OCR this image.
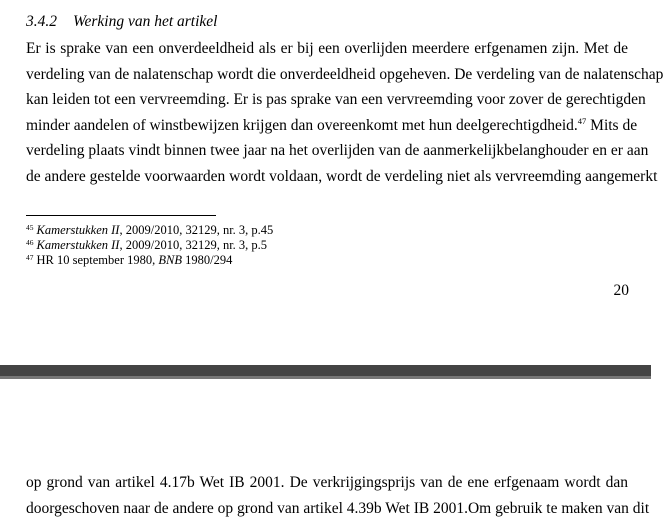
3.4.2 Werking van het artikel
Er is sprake van een onverdeeldheid als er bij een overlijden meerdere erfgenamen zijn. Met de
verdeling van de nalatenschap wordt die onverdeeldheid opgeheven. De verdeling van de nalatenschap
kan leiden tot een vervreemding. Er is pas sprake van een vervreemding voor zover de gerechtigden
minder aandelen of winstbewijzen krijgen dan overeenkomt met hun deelgerechtigdheid.$^{47}$ Mits de
verdeling plaats vindt binnen twee jaar na het overlijden van de aanmerkelijkbelanghouder en er aan
de andere gestelde voorwaarden wordt voldaan, wordt de verdeling niet als vervreemding aangemerkt
$^{45}$ Kamerstukken II, 2009/2010, 32129, nr. 3, p.45
$^{46}$ Kamerstukken II, 2009/2010, 32129, nr. 3, p.5
$^{47}$ HR 10 september 1980, BNB 1980/294
20
op grond van artikel 4.17b Wet IB 2001. De verkrijgingsprijs van de ene erfgenaam wordt dan
doorgeschoven naar de andere op grond van artikel 4.39b Wet IB 2001.Om gebruik te maken van dit
